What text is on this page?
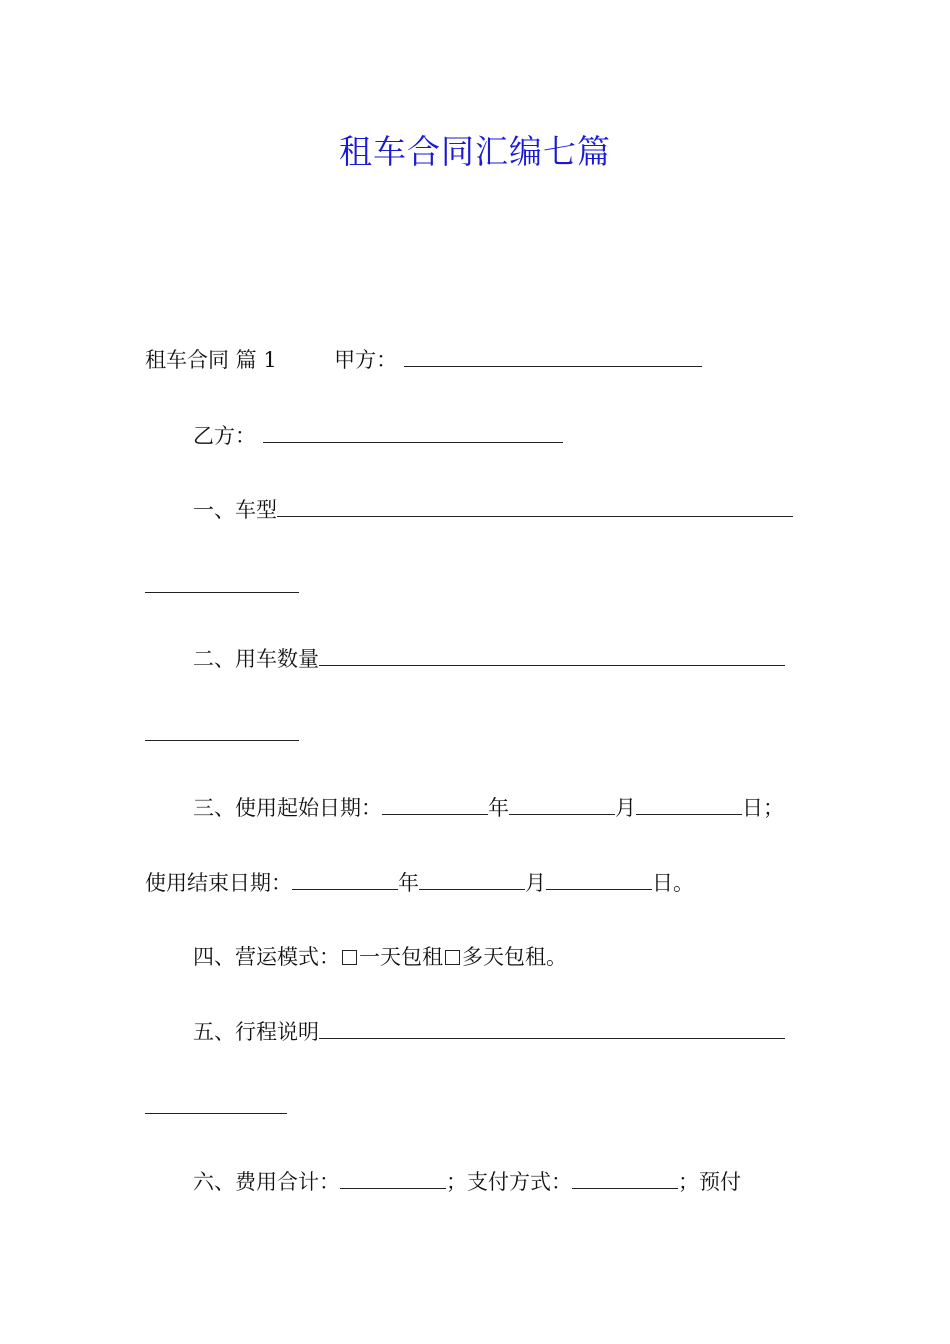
租车合同汇编七篇
租车合同 篇 1	甲方：
乙方：
一、车型
二、用车数量
三、使用起始日期：	年	月	日；
使用结束日期：	年	月	日。
四、营运模式： 一天包租 多天包租。
五、行程说明
六、费用合计：	；支付方式：	；预付
